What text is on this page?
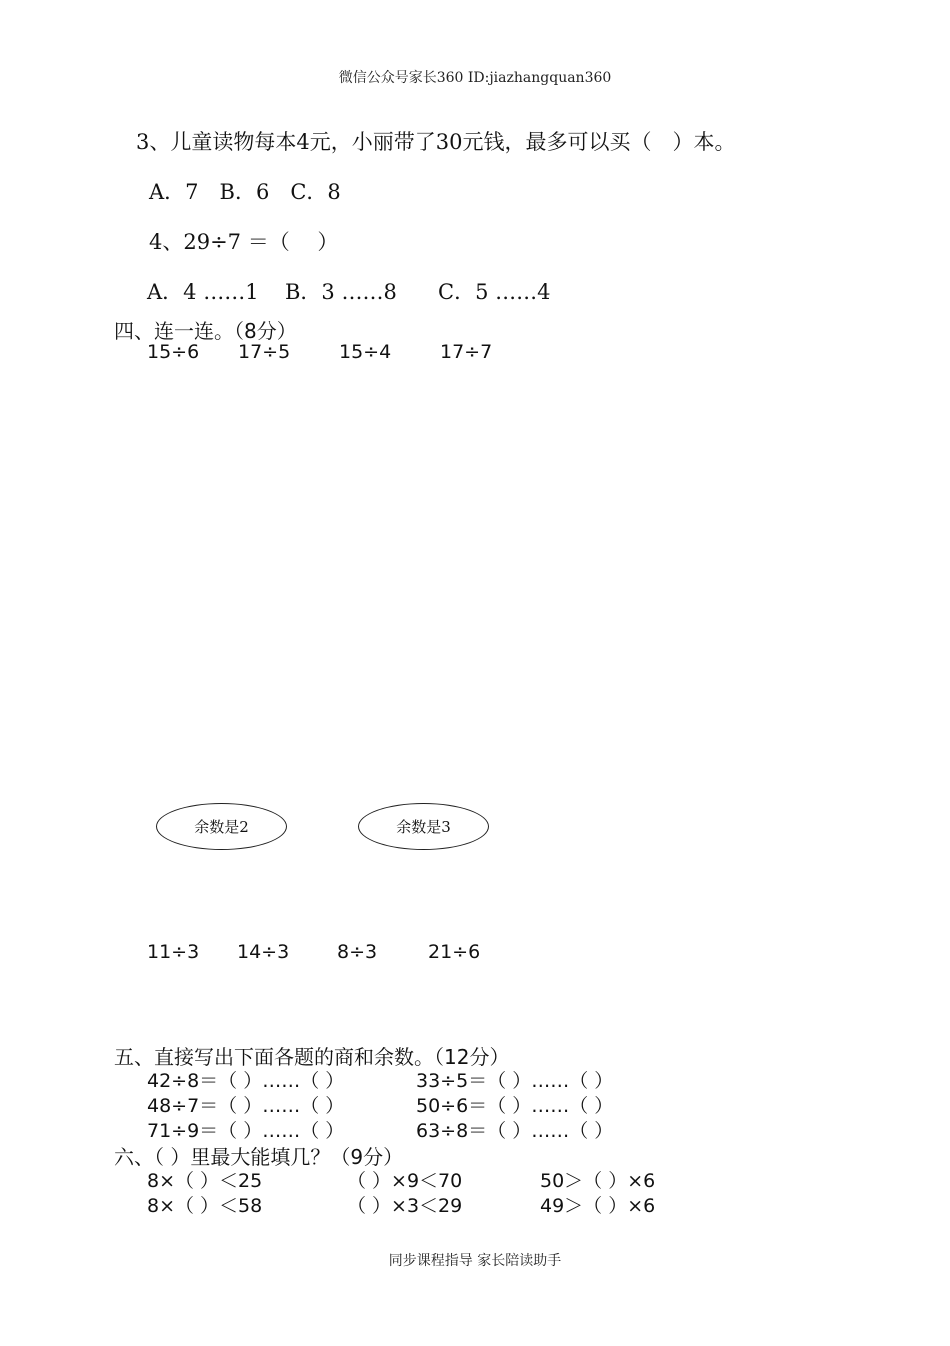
微信公众号家长360 ID:jiazhangquan360
3、儿童读物每本4元，小丽带了30元钱，最多可以买（　）本。
A．7　B．6　C．8
4、29÷7 ＝（　 ）
A．4 ……1 B．3 ……8 C．5 ……4
四、连一连。（8分）
15÷6 17÷5	15÷4	17÷7
余数是2	余数是3
11÷3 14÷3	8÷3	21÷6
五、直接写出下面各题的商和余数。（12分）
42÷8＝（ ）……（ ）	33÷5＝（ ）……（ ）
48÷7＝（ ）……（ ）	50÷6＝（ ）……（ ）
71÷9＝（ ）……（ ）	63÷8＝（ ）……（ ）
六、（ ）里最大能填几？（9分）
8×（ ）＜25	（ ）×9＜70	50＞（ ）×6
8×（ ）＜58	（ ）×3＜29	49＞（ ）×6
同步课程指导 家长陪读助手
